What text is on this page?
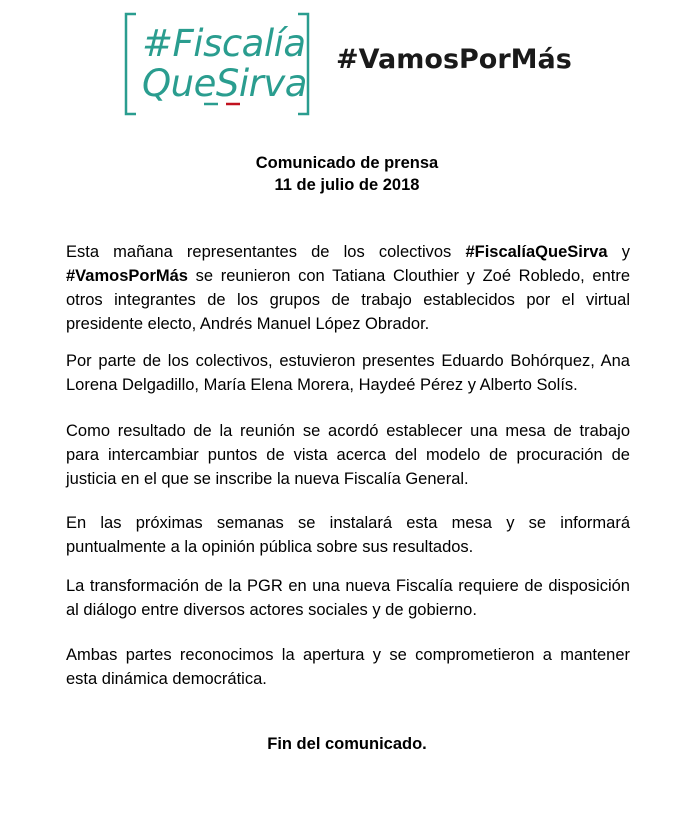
#Fiscalía
QueSirva
#VamosPorMás
Comunicado de prensa
11 de julio de 2018
Esta mañana representantes de los colectivos #FiscalíaQueSirva y #VamosPorMás se reunieron con Tatiana Clouthier y Zoé Robledo, entre otros integrantes de los grupos de trabajo establecidos por el virtual presidente electo, Andrés Manuel López Obrador.
Por parte de los colectivos, estuvieron presentes Eduardo Bohórquez, Ana Lorena Delgadillo, María Elena Morera, Haydeé Pérez y Alberto Solís.
Como resultado de la reunión se acordó establecer una mesa de trabajo para intercambiar puntos de vista acerca del modelo de procuración de justicia en el que se inscribe la nueva Fiscalía General.
En las próximas semanas se instalará esta mesa y se informará puntualmente a la opinión pública sobre sus resultados.
La transformación de la PGR en una nueva Fiscalía requiere de disposición al diálogo entre diversos actores sociales y de gobierno.
Ambas partes reconocimos la apertura y se comprometieron a mantener esta dinámica democrática.
Fin del comunicado.
